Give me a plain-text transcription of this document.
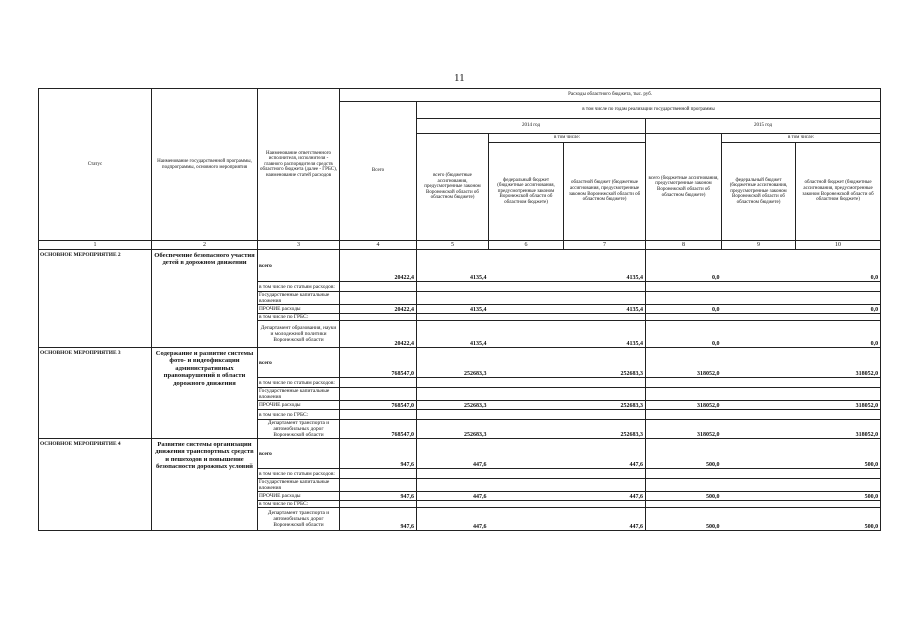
11
Статус	Наименование государственной программы, подпрограммы, основного мероприятия	Наименование ответственного исполнителя, исполнителя - главного распорядителя средств областного бюджета (далее - ГРБС), наименование статей расходов	Расходы областного бюджета, тыс. руб.						
			Всего	в том числе по годам реализации государственной программы					
				2014 год			2015 год		
				всего (бюджетные ассигнования, предусмотренные законом Воронежской области об областном бюджете)	в том числе:		всего (бюджетные ассигнования, предусмотренные законом Воронежской области об областном бюджете)	в том числе:	
					федеральный бюджет (бюджетные ассигнования, предусмотренные законом Воронежской области об областном бюджете)	областной бюджет (бюджетные ассигнования, предусмотренные законом Воронежской области об областном бюджете)		федеральный бюджет (бюджетные ассигнования, предусмотренные законом Воронежской области об областном бюджете)	областной бюджет (бюджетные ассигнования, предусмотренные законом Воронежской области об областном бюджете)
1	2	3	4	5	6	7	8	9	10
ОСНОВНОЕ МЕРОПРИЯТИЕ 2	Обеспечение безопасного участия детей в дорожном движении	всего	20422,4	4135,4		4135,4	0,0		0,0
		в том числе по статьям расходов:							
		Государственные капитальные вложения							
		ПРОЧИЕ расходы	20422,4	4135,4		4135,4	0,0		0,0
		в том числе по ГРБС:							
		Департамент образования, науки и молодежной политики Воронежской области	20422,4	4135,4		4135,4	0,0		0,0
ОСНОВНОЕ МЕРОПРИЯТИЕ 3	Содержание и развитие системы фото- и видеофиксации административных правонарушений в области дорожного движения	всего	768547,0	252683,3		252683,3	318052,0		318052,0
		в том числе по статьям расходов:							
		Государственные капитальные вложения							
		ПРОЧИЕ расходы	768547,0	252683,3		252683,3	318052,0		318052,0
		в том числе по ГРБС:							
		Департамент транспорта и автомобильных дорог Воронежской области	768547,0	252683,3		252683,3	318052,0		318052,0
ОСНОВНОЕ МЕРОПРИЯТИЕ 4	Развитие системы организации движения транспортных средств и пешеходов и повышение безопасности дорожных условий	всего	947,6	447,6		447,6	500,0		500,0
		в том числе по статьям расходов:							
		Государственные капитальные вложения							
		ПРОЧИЕ расходы	947,6	447,6		447,6	500,0		500,0
		в том числе по ГРБС:							
		Департамент транспорта и автомобильных дорог Воронежской области	947,6	447,6		447,6	500,0		500,0
